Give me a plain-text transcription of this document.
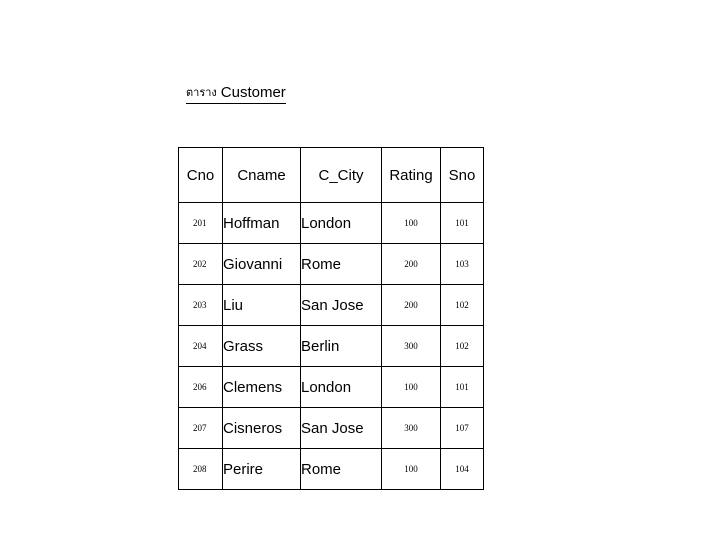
ตาราง Customer
Cno	Cname	C_City	Rating	Sno
201	Hoffman	London	100	101
202	Giovanni	Rome	200	103
203	Liu	San Jose	200	102
204	Grass	Berlin	300	102
206	Clemens	London	100	101
207	Cisneros	San Jose	300	107
208	Perire	Rome	100	104
